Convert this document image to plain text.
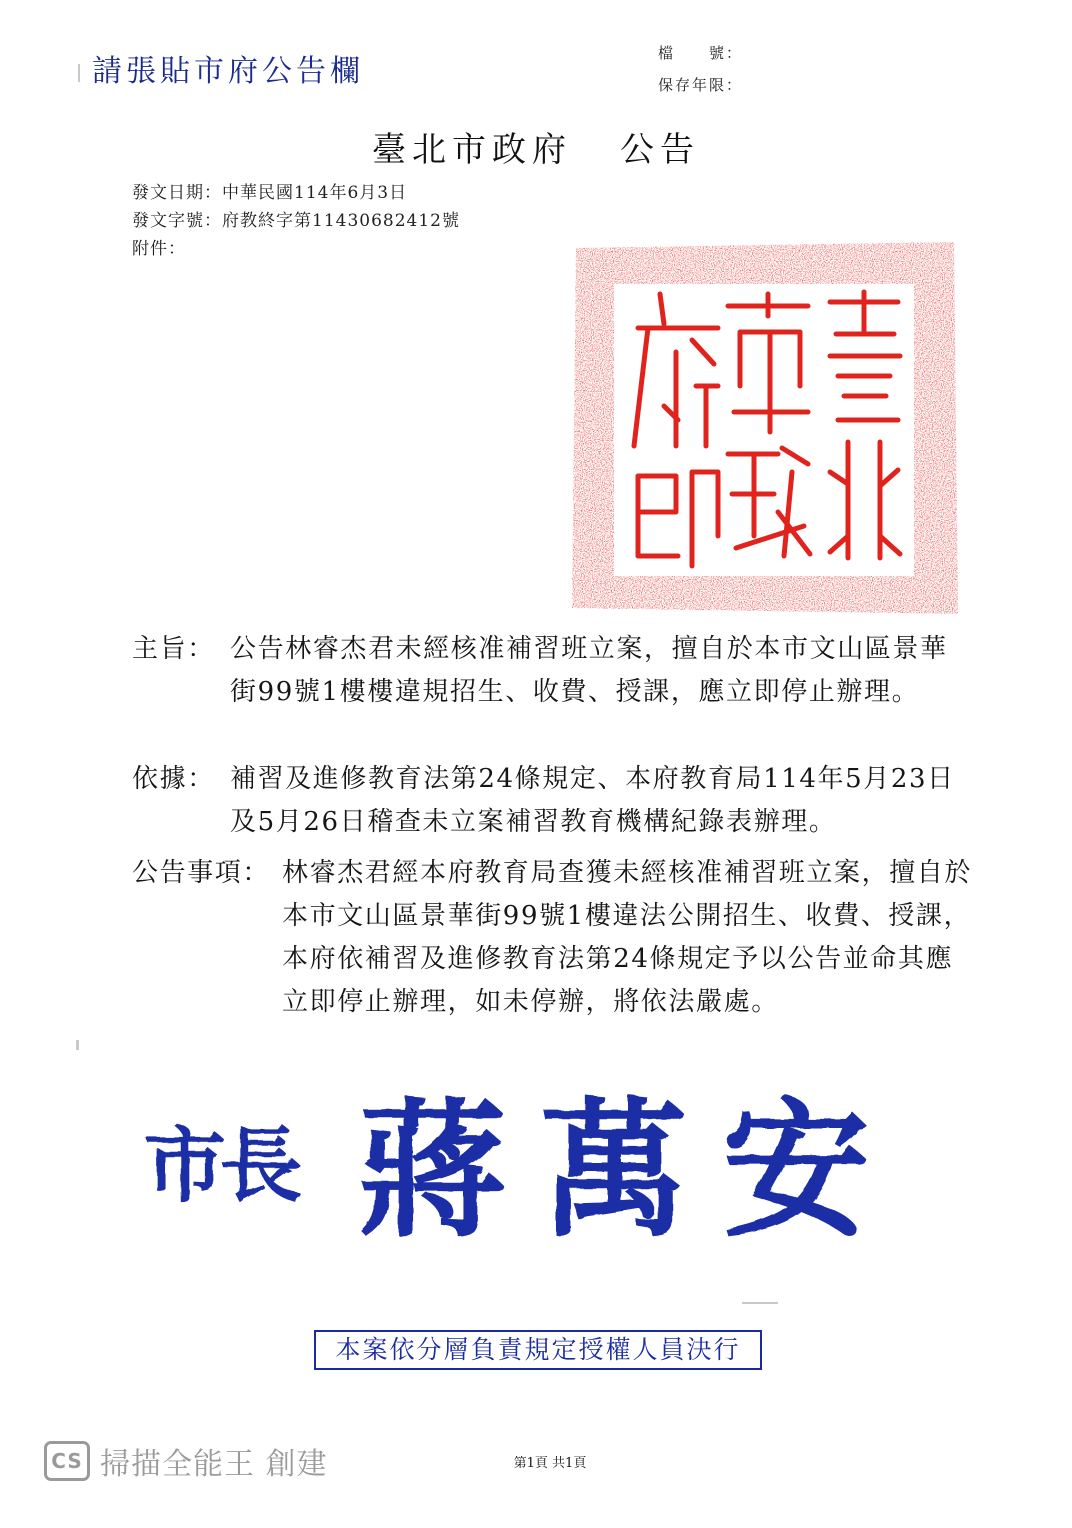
請張貼市府公告欄
檔　　號：
保存年限：
臺北市政府 公告
發文日期：中華民國114年6月3日
發文字號：府教終字第11430682412號
附件：
主旨： 公告林睿杰君未經核准補習班立案，擅自於本市文山區景華街99號1樓樓違規招生、收費、授課，應立即停止辦理。
依據： 補習及進修教育法第24條規定、本府教育局114年5月23日及5月26日稽查未立案補習教育機構紀錄表辦理。
公告事項： 林睿杰君經本府教育局查獲未經核准補習班立案，擅自於本市文山區景華街99號1樓違法公開招生、收費、授課，本府依補習及進修教育法第24條規定予以公告並命其應立即停止辦理，如未停辦，將依法嚴處。
市長 蔣萬安
本案依分層負責規定授權人員決行
CS 掃描全能王 創建	第1頁 共1頁
